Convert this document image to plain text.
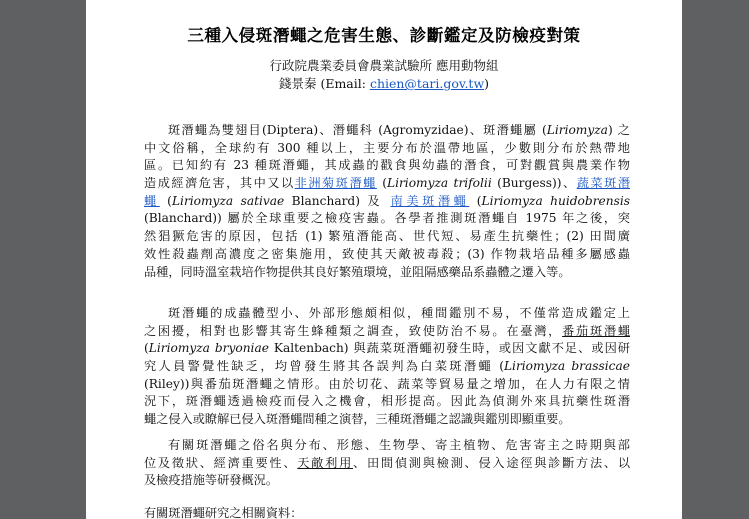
三種入侵斑潛蠅之危害生態、診斷鑑定及防檢疫對策
行政院農業委員會農業試驗所 應用動物組
錢景秦 (Email: chien@tari.gov.tw)
斑潛蠅為雙翅目(Diptera)、潛蠅科 (Agromyzidae)、斑潛蠅屬 (Liriomyza) 之
中文俗稱，全球約有 300 種以上，主要分布於溫帶地區，少數則分布於熱帶地
區。已知約有 23 種斑潛蠅，其成蟲的戳食與幼蟲的潛食，可對觀賞與農業作物
造成經濟危害，其中又以非洲菊斑潛蠅 (Liriomyza trifolii (Burgess))、蔬菜斑潛
蠅 (Liriomyza sativae Blanchard) 及 南美斑潛蠅 (Liriomyza huidobrensis
(Blanchard)) 屬於全球重要之檢疫害蟲。各學者推測斑潛蠅自 1975 年之後，突
然猖獗危害的原因，包括 (1) 繁殖潛能高、世代短、易產生抗藥性；(2) 田間廣
效性殺蟲劑高濃度之密集施用，致使其天敵被毒殺；(3) 作物栽培品種多屬感蟲
品種，同時溫室栽培作物提供其良好繁殖環境，並阻隔感藥品系蟲體之遷入等。
斑潛蠅的成蟲體型小、外部形態頗相似，種間鑑別不易，不僅常造成鑑定上
之困擾，相對也影響其寄生蜂種類之調查，致使防治不易。在臺灣，番茄斑潛蠅
(Liriomyza bryoniae Kaltenbach) 與蔬菜斑潛蠅初發生時，或因文獻不足、或因研
究人員警覺性缺乏，均曾發生將其各誤判為白菜斑潛蠅 (Liriomyza brassicae
(Riley))與番茄斑潛蠅之情形。由於切花、蔬菜等貿易量之增加，在人力有限之情
況下，斑潛蠅透過檢疫而侵入之機會，相形提高。因此為偵測外來具抗藥性斑潛
蠅之侵入或瞭解已侵入斑潛蠅間種之演替，三種斑潛蠅之認識與鑑別即顯重要。
有關斑潛蠅之俗名與分布、形態、生物學、寄主植物、危害寄主之時期與部
位及徵狀、經濟重要性、天敵利用、田間偵測與檢測、侵入途徑與診斷方法、以
及檢疫措施等研發概況。
有關斑潛蠅研究之相關資料：
